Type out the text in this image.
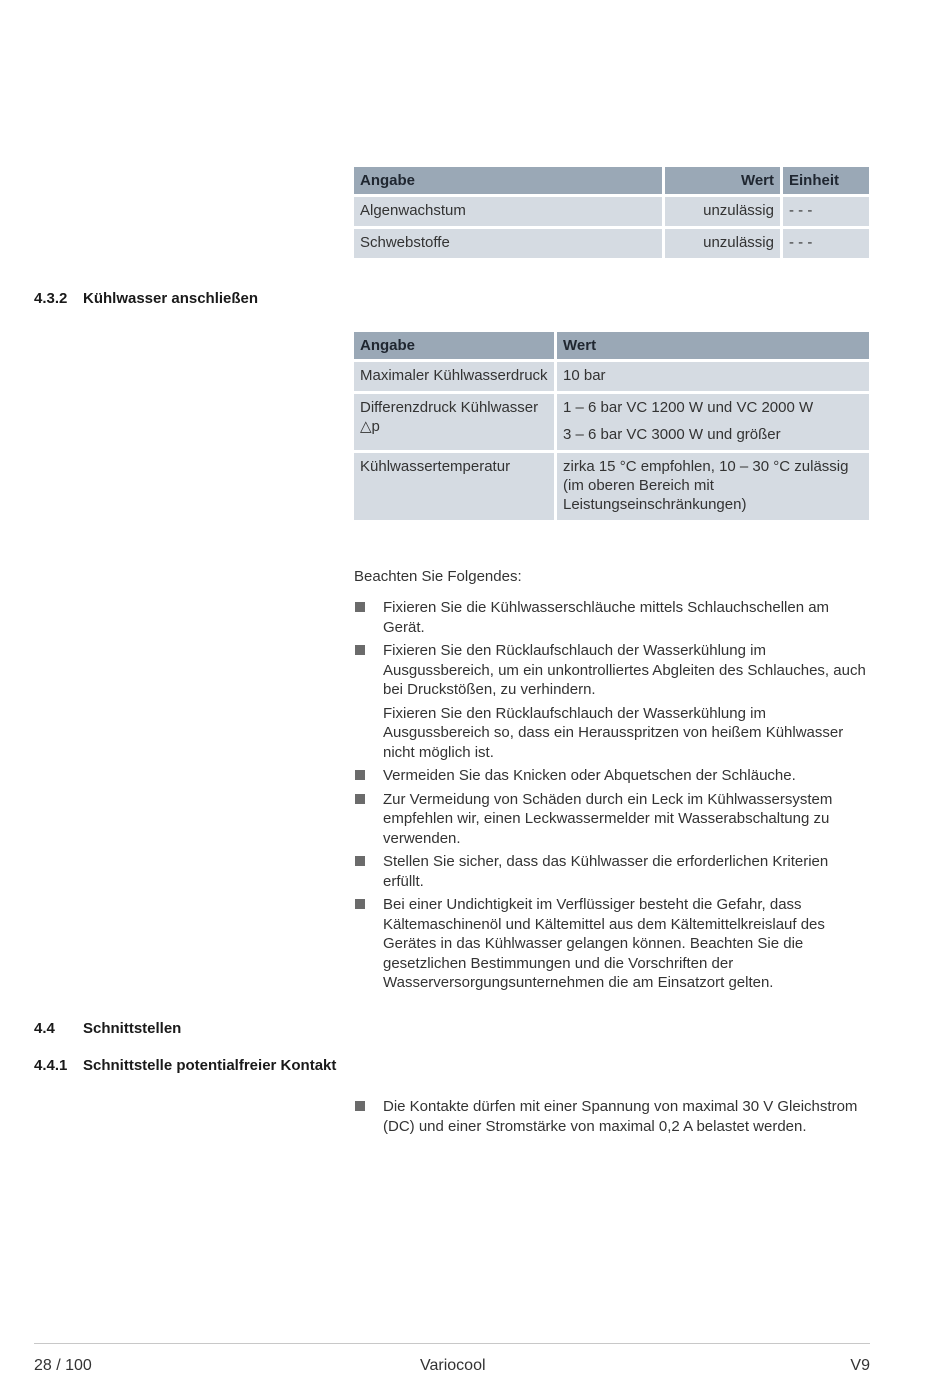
Angabe	Wert	Einheit
Algenwachstum	unzulässig	- - -
Schwebstoffe	unzulässig	- - -
4.3.2 Kühlwasser anschließen
Angabe	Wert
Maximaler Kühlwasserdruck	10 bar
Differenzdruck Kühlwasser △p	1 – 6 bar VC 1200 W und VC 2000 W

3 – 6 bar VC 3000 W und größer

Kühlwassertemperatur	zirka 15 °C empfohlen, 10 – 30 °C zulässig (im oberen Bereich mit Leistungseinschränkungen)
Beachten Sie Folgendes:
Fixieren Sie die Kühlwasserschläuche mittels Schlauchschellen am Gerät.
Fixieren Sie den Rücklaufschlauch der Wasserkühlung im Ausgussbereich, um ein unkontrolliertes Abgleiten des Schlauches, auch bei Druckstößen, zu verhindern.
Fixieren Sie den Rücklaufschlauch der Wasserkühlung im Ausgussbereich so, dass ein Herausspritzen von heißem Kühlwasser nicht möglich ist.
Vermeiden Sie das Knicken oder Abquetschen der Schläuche.
Zur Vermeidung von Schäden durch ein Leck im Kühlwassersystem empfehlen wir, einen Leckwassermelder mit Wasserabschaltung zu verwenden.
Stellen Sie sicher, dass das Kühlwasser die erforderlichen Kriterien erfüllt.
Bei einer Undichtigkeit im Verflüssiger besteht die Gefahr, dass Kältemaschinenöl und Kältemittel aus dem Kältemittelkreislauf des Gerätes in das Kühlwasser gelangen können. Beachten Sie die gesetzlichen Bestimmungen und die Vorschriften der Wasserversorgungsunternehmen die am Einsatzort gelten.
4.4 Schnittstellen
4.4.1 Schnittstelle potentialfreier Kontakt
Die Kontakte dürfen mit einer Spannung von maximal 30 V Gleichstrom (DC) und einer Stromstärke von maximal 0,2 A belastet werden.
28 / 100	Variocool	V9
